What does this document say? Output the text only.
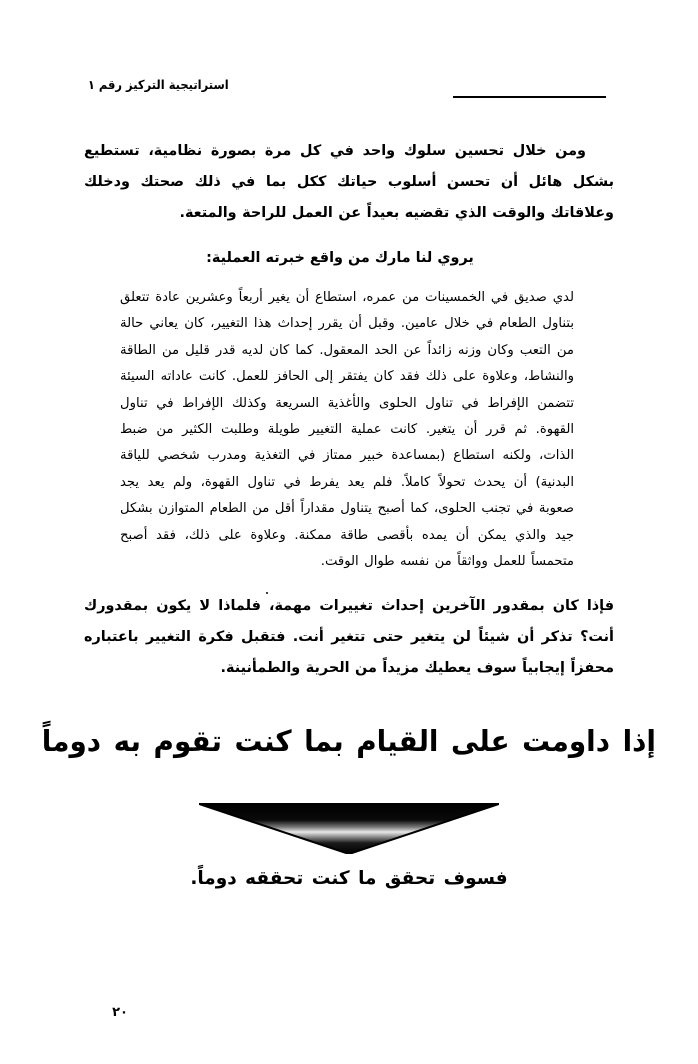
استراتيجية التركيز رقم ١

ومن خلال تحسين سلوك واحد في كل مرة بصورة نظامية، تستطيع بشكل هائل أن تحسن أسلوب حياتك ككل بما في ذلك صحتك ودخلك وعلاقاتك والوقت الذي تقضيه بعيداً عن العمل للراحة والمتعة.

يروي لنا مارك من واقع خبرته العملية:

لدي صديق في الخمسينات من عمره، استطاع أن يغير أربعاً وعشرين عادة تتعلق بتناول الطعام في خلال عامين. وقبل أن يقرر إحداث هذا التغيير، كان يعاني حالة من التعب وكان وزنه زائداً عن الحد المعقول. كما كان لديه قدر قليل من الطاقة والنشاط، وعلاوة على ذلك فقد كان يفتقر إلى الحافز للعمل. كانت عاداته السيئة تتضمن الإفراط في تناول الحلوى والأغذية السريعة وكذلك الإفراط في تناول القهوة. ثم قرر أن يتغير. كانت عملية التغيير طويلة وطلبت الكثير من ضبط الذات، ولكنه استطاع (بمساعدة خبير ممتاز في التغذية ومدرب شخصي للياقة البدنية) أن يحدث تحولاً كاملاً. فلم يعد يفرط في تناول القهوة، ولم يعد يجد صعوبة في تجنب الحلوى، كما أصبح يتناول مقداراً أقل من الطعام المتوازن بشكل جيد والذي يمكن أن يمده بأقصى طاقة ممكنة. وعلاوة على ذلك، فقد أصبح متحمساً للعمل وواثقاً من نفسه طوال الوقت.

فإذا كان بمقدور الآخرين إحداث تغييرات مهمة، فلماذا لا يكون بمقدورك أنت؟ تذكر أن شيئاً لن يتغير حتى تتغير أنت. فتقبل فكرة التغيير باعتباره محفزاً إيجابياً سوف يعطيك مزيداً من الحرية والطمأنينة.

إذا داومت على القيام بما كنت تقوم به دوماً
فسوف تحقق ما كنت تحققه دوماً.
٢٠
